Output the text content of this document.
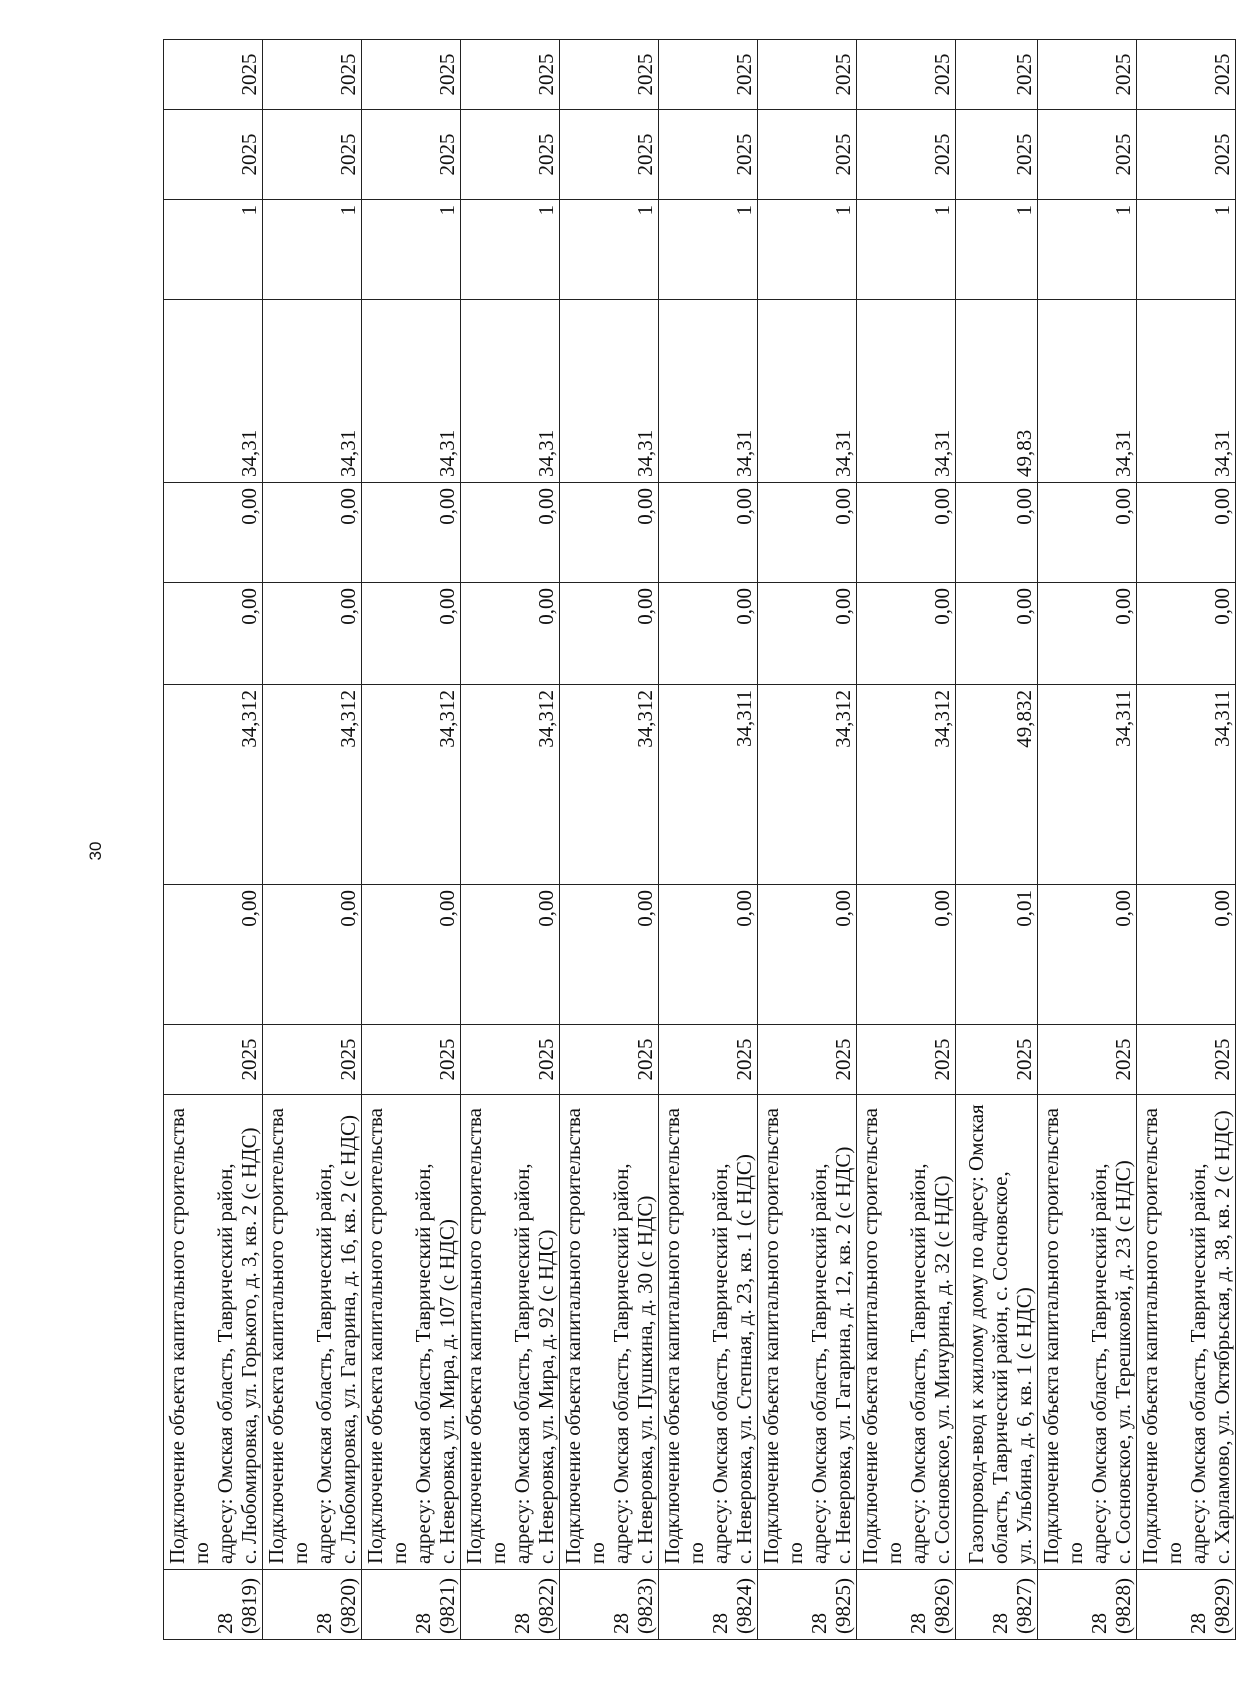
30
28
(9819)	Подключение объекта капитального строительства по
адресу: Омская область, Таврический район,
с. Любомировка, ул. Горького, д. 3, кв. 2 (с НДС)	2025	0,00	34,312	0,00	0,00	34,31	1	2025	2025
28
(9820)	Подключение объекта капитального строительства по
адресу: Омская область, Таврический район,
с. Любомировка, ул. Гагарина, д. 16, кв. 2 (с НДС)	2025	0,00	34,312	0,00	0,00	34,31	1	2025	2025
28
(9821)	Подключение объекта капитального строительства по
адресу: Омская область, Таврический район,
с. Неверовка, ул. Мира, д. 107 (с НДС)	2025	0,00	34,312	0,00	0,00	34,31	1	2025	2025
28
(9822)	Подключение объекта капитального строительства по
адресу: Омская область, Таврический район,
с. Неверовка, ул. Мира, д. 92 (с НДС)	2025	0,00	34,312	0,00	0,00	34,31	1	2025	2025
28
(9823)	Подключение объекта капитального строительства по
адресу: Омская область, Таврический район,
с. Неверовка, ул. Пушкина, д. 30 (с НДС)	2025	0,00	34,312	0,00	0,00	34,31	1	2025	2025
28
(9824)	Подключение объекта капитального строительства по
адресу: Омская область, Таврический район,
с. Неверовка, ул. Степная, д. 23, кв. 1 (с НДС)	2025	0,00	34,311	0,00	0,00	34,31	1	2025	2025
28
(9825)	Подключение объекта капитального строительства по
адресу: Омская область, Таврический район,
с. Неверовка, ул. Гагарина, д. 12, кв. 2 (с НДС)	2025	0,00	34,312	0,00	0,00	34,31	1	2025	2025
28
(9826)	Подключение объекта капитального строительства по
адресу: Омская область, Таврический район,
с. Сосновское, ул. Мичурина, д. 32 (с НДС)	2025	0,00	34,312	0,00	0,00	34,31	1	2025	2025
28
(9827)	Газопровод-ввод к жилому дому по адресу: Омская
область, Таврический район, с. Сосновское,
ул. Ульбина, д. 6, кв. 1 (с НДС)	2025	0,01	49,832	0,00	0,00	49,83	1	2025	2025
28
(9828)	Подключение объекта капитального строительства по
адресу: Омская область, Таврический район,
с. Сосновское, ул. Терешковой, д. 23 (с НДС)	2025	0,00	34,311	0,00	0,00	34,31	1	2025	2025
28
(9829)	Подключение объекта капитального строительства по
адресу: Омская область, Таврический район,
с. Харламово, ул. Октябрьская, д. 38, кв. 2 (с НДС)	2025	0,00	34,311	0,00	0,00	34,31	1	2025	2025
